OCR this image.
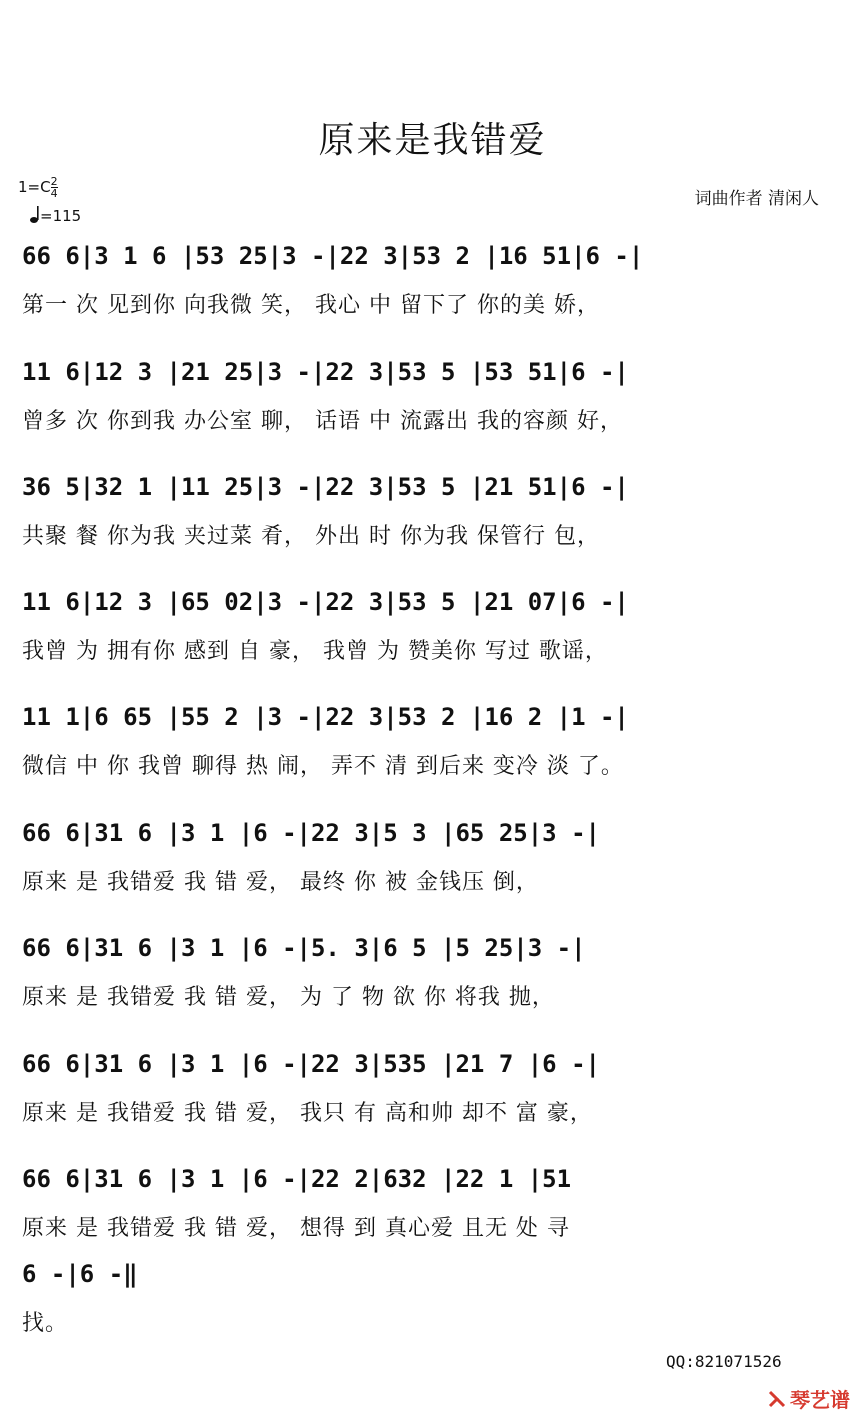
原来是我错爱
$1=C \frac{2}{4}$
=115
词曲作者 清闲人
66 6|3 1 6 |53 25|3 -|22 3|53 2 |16 51|6 -|
第一 次 见到你 向我微 笑， 我心 中 留下了 你的美 娇，
11 6|12 3 |21 25|3 -|22 3|53 5 |53 51|6 -|
曾多 次 你到我 办公室 聊， 话语 中 流露出 我的容颜 好，
36 5|32 1 |11 25|3 -|22 3|53 5 |21 51|6 -|
共聚 餐 你为我 夹过菜 肴， 外出 时 你为我 保管行 包，
11 6|12 3 |65 02|3 -|22 3|53 5 |21 07|6 -|
我曾 为 拥有你 感到 自 豪， 我曾 为 赞美你 写过 歌谣，
11 1|6 65 |55 2 |3 -|22 3|53 2 |16 2 |1 -|
微信 中 你 我曾 聊得 热 闹， 弄不 清 到后来 变冷 淡 了。
66 6|31 6 |3 1 |6 -|22 3|5 3 |65 25|3 -|
原来 是 我错爱 我 错 爱， 最终 你 被 金钱压 倒，
66 6|31 6 |3 1 |6 -|5. 3|6 5 |5 25|3 -|
原来 是 我错爱 我 错 爱， 为 了 物 欲 你 将我 抛，
66 6|31 6 |3 1 |6 -|22 3|535 |21 7 |6 -|
原来 是 我错爱 我 错 爱， 我只 有 高和帅 却不 富 豪，
66 6|31 6 |3 1 |6 -|22 2|632 |22 1 |51
原来 是 我错爱 我 错 爱， 想得 到 真心爱 且无 处 寻
6 -|6 -‖
找。
QQ:821071526
琴艺谱
